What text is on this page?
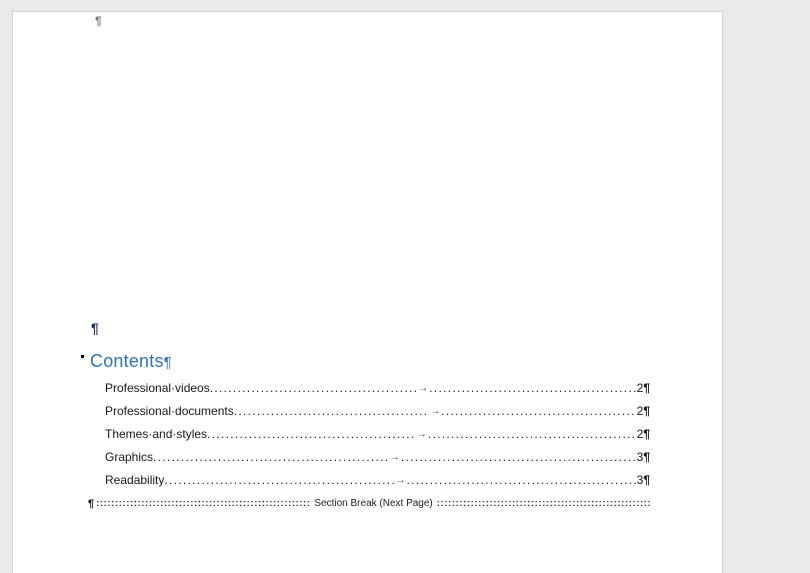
¶
¶
Contents¶
Professional·videos .....	→ .....	2 ¶
Professional·documents .....	→ .....	2 ¶
Themes·and·styles .....	→ .....	2 ¶
Graphics .....	→ .....	3 ¶
Readability .....	→ .....	3 ¶
¶ ::::::::::::::::::::::::::::::::::::::::::::::::::::::::::::::::::::::::::::::::::::::::::::::::::::::::::::::::::::::::::::::::::::::::::::::::::::::::::::::::	Section Break (Next Page)
::::::::::::::::::::::::::::::::::::::::::::::::::::::::::::::::::::::::::::::::::::::::::::::::::::::::::::::::::::::::::::::::::::::::::::::::::::::::::::::::
